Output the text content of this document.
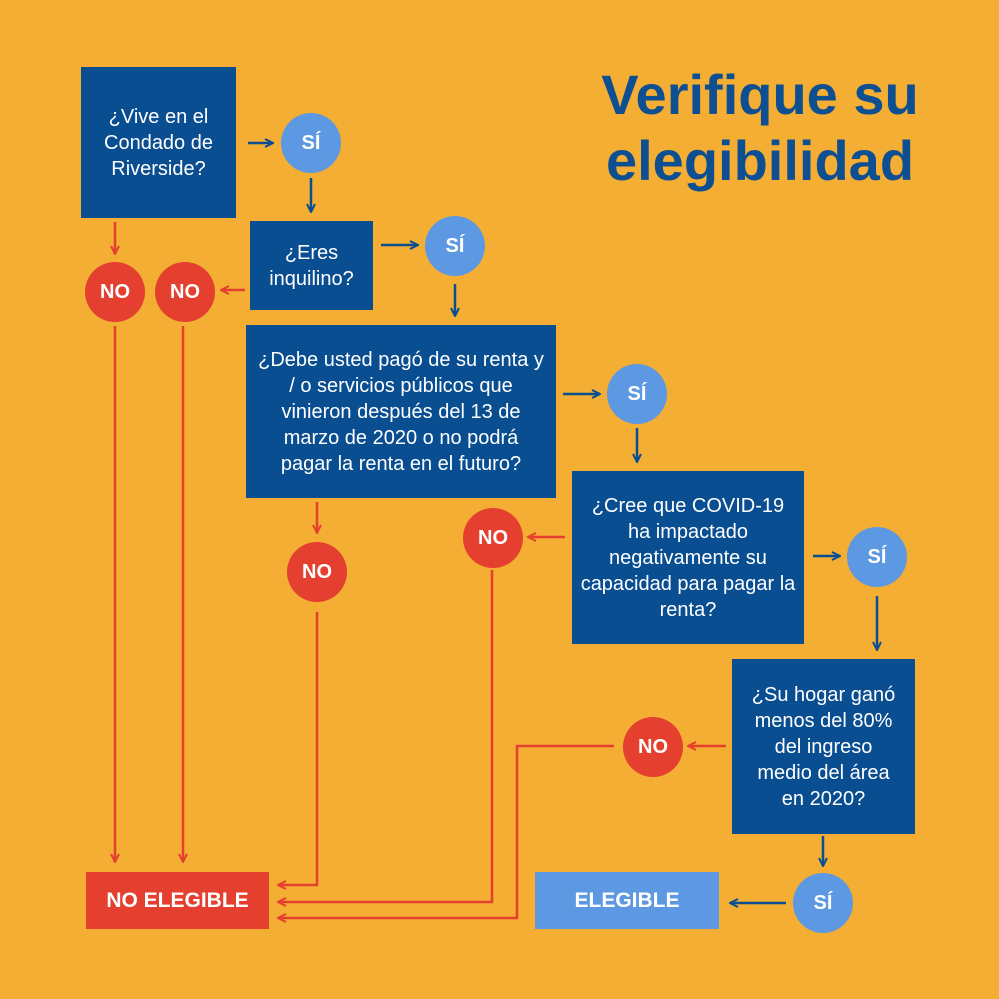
Verifique su elegibilidad
¿Vive en el Condado de Riverside?
¿Eres inquilino?
¿Debe usted pagó de su renta y / o servicios públicos que vinieron después del 13 de marzo de 2020 o no podrá pagar la renta en el futuro?
¿Cree que COVID-19 ha impactado negativamente su capacidad para pagar la renta?
¿Su hogar ganó menos del 80% del ingreso medio del área en 2020?
SÍ
SÍ
SÍ
SÍ
SÍ
NO	NO
NO
NO
NO
NO ELEGIBLE	ELEGIBLE
